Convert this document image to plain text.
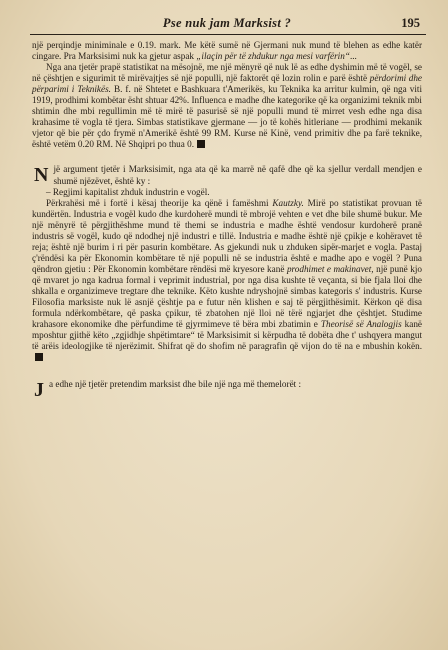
Pse nuk jam Marksist ?	195

një perqindje miniminale e 0.19. mark. Me këtë sumë në Gjermani nuk mund të blehen as edhe katër cingare. Pra Marksisimi nuk ka gjetur aspak „ilaçin për të zhdukur nga mesi varfërin“...

Nga ana tjetër prapë statistikat na mësojnë, me një mënyrë që nuk lë as edhe dyshimin më të vogël, se në çështjen e sigurimit të mirëvajtjes së një populli, një faktorët që lozin rolin e parë është përdorimi dhe përparimi i Teknikës. B. f. në Shtetet e Bashkuara t'Amerikës, ku Teknika ka arritur kulmin, që nga viti 1919, prodhimi kombëtar ësht shtuar 42%. Influenca e madhe dhe kategorike që ka organizimi teknik mbi shtimin dhe mbi regullimin më të mirë të pasurisë së një populli mund të mirret vesh edhe nga disa krahasime të vogla të tjera. Simbas statistikave gjermane — jo të kohës hitleriane — prodhimi mekanik vjetor që bie për çdo frymë n'Amerikë është 99 RM. Kurse në Kinë, vend primitiv dhe pa farë teknike, është vetëm 0.20 RM. Në Shqipri po thua 0.

Një argument tjetër i Marksisimit, nga ata që ka marrë në qafë dhe që ka sjellur verdall mendjen e shumë njëzëvet, është ky :

– Regjimi kapitalist zhduk industrin e vogël.

Përkrahësi më i fortë i kësaj theorije ka qënë i famëshmi Kautzky. Mirë po statistikat provuan të kundërtën. Industria e vogël kudo dhe kurdoherë mundi të mbrojë vehten e vet dhe bile shumë bukur. Me një mënyrë të përgjithëshme mund të themi se industria e madhe është vendosur kurdoherë pranë industris së vogël, kudo që ndodhej një industri e tillë. Industria e madhe është një çpikje e kohëravet të reja; është një burim i ri për pasurin kombëtare. As gjekundi nuk u zhduken sipër-marjet e vogla. Pastaj ç'rëndësi ka për Ekonomin kombëtare të një populli në se industria është e madhe apo e vogël ? Puna qëndron gjetiu : Për Ekonomin kombëtare rëndësi më kryesore kanë prodhimet e makinavet, një punë kjo që mvaret jo nga kadrua formal i veprimit industrial, por nga disa kushte të veçanta, si bie fjala lloi dhe shkalla e organizimeve tregtare dhe teknike. Këto kushte ndryshojnë simbas kategoris s' industris. Kurse Filosofia marksiste nuk lë asnjë çështje pa e futur nën klishen e saj të përgjithësimit. Kërkon që disa formula ndërkombëtare, që paska çpikur, të zbatohen një lloi në tërë ngjarjet dhe çështjet. Studime krahasore ekonomike dhe përfundime të gjyrmimeve të bëra mbi zbatimin e Theorisë së Analogjis kanë mposhtur gjithë këto „zgjidhje shpëtimtare“ të Marksisimit si kërpudha të dobëta dhe t' ushqyera mangut të arëis ideologjike të njerëzimit. Shifrat që do shofim në paragrafin që vijon do të na e mbushin kokën.

Ja edhe një tjetër pretendim marksist dhe bile një nga më themelorët :
